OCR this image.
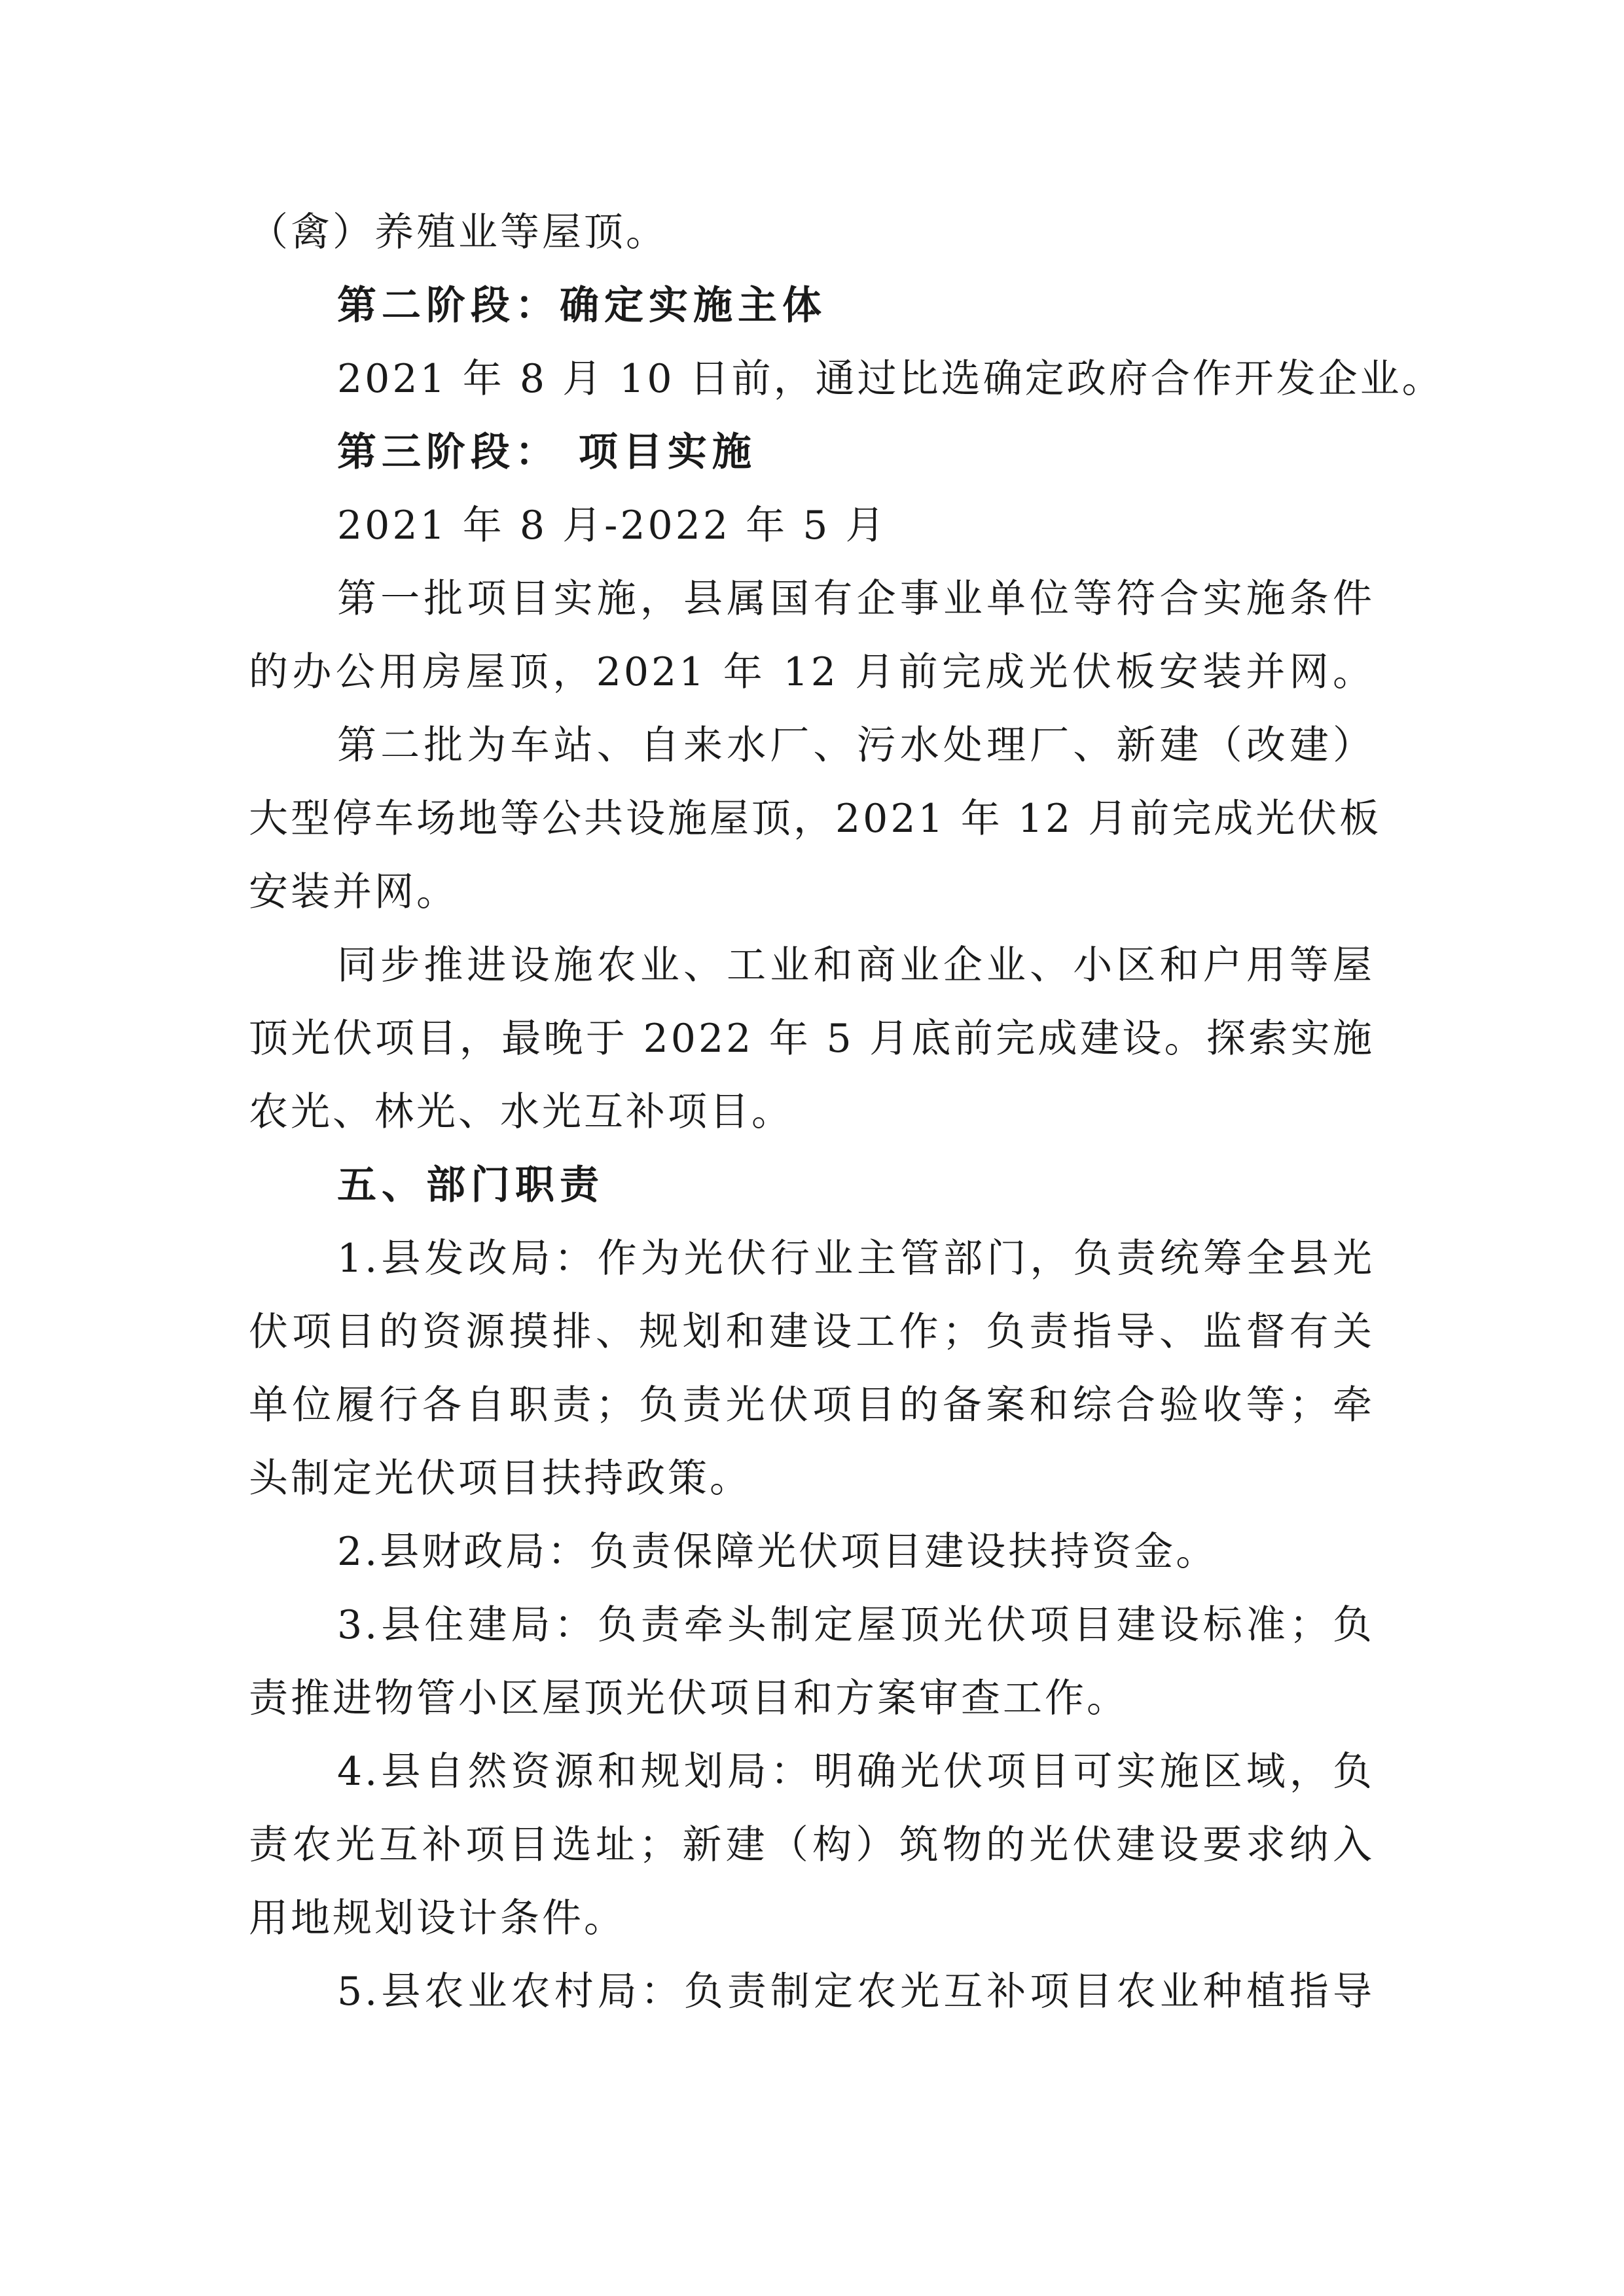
（禽）养殖业等屋顶。
第二阶段：确定实施主体
2021 年 8 月 10 日前，通过比选确定政府合作开发企业。
第三阶段： 项目实施
2021 年 8 月-2022 年 5 月
第一批项目实施，县属国有企事业单位等符合实施条件
的办公用房屋顶，2021 年 12 月前完成光伏板安装并网。
第二批为车站、自来水厂、污水处理厂、新建（改建）
大型停车场地等公共设施屋顶，2021 年 12 月前完成光伏板
安装并网。
同步推进设施农业、工业和商业企业、小区和户用等屋
顶光伏项目，最晚于 2022 年 5 月底前完成建设。探索实施
农光、林光、水光互补项目。
五、部门职责
1.县发改局：作为光伏行业主管部门，负责统筹全县光
伏项目的资源摸排、规划和建设工作；负责指导、监督有关
单位履行各自职责；负责光伏项目的备案和综合验收等；牵
头制定光伏项目扶持政策。
2.县财政局：负责保障光伏项目建设扶持资金。
3.县住建局：负责牵头制定屋顶光伏项目建设标准；负
责推进物管小区屋顶光伏项目和方案审查工作。
4.县自然资源和规划局：明确光伏项目可实施区域，负
责农光互补项目选址；新建（构）筑物的光伏建设要求纳入
用地规划设计条件。
5.县农业农村局：负责制定农光互补项目农业种植指导
